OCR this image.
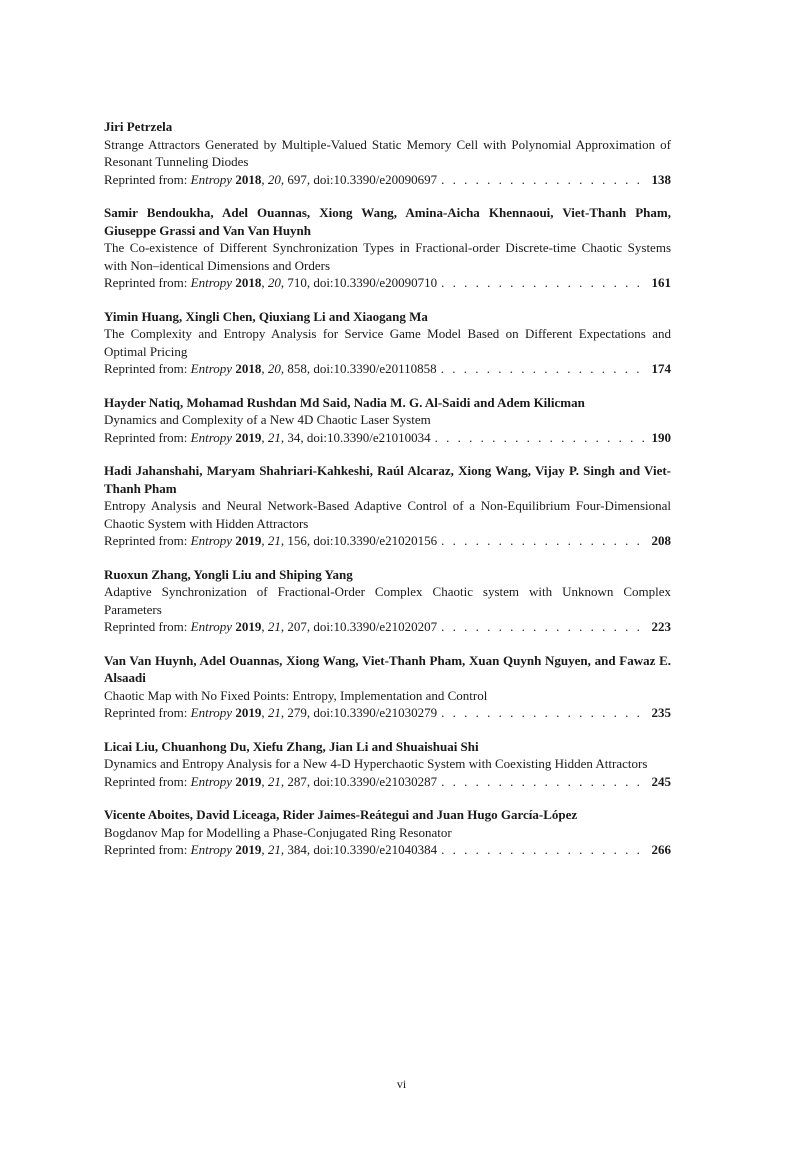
Jiri Petrzela
Strange Attractors Generated by Multiple-Valued Static Memory Cell with Polynomial Approximation of Resonant Tunneling Diodes
Reprinted from: Entropy 2018, 20, 697, doi:10.3390/e20090697 . . .	138
Samir Bendoukha, Adel Ouannas, Xiong Wang, Amina-Aicha Khennaoui, Viet-Thanh Pham, Giuseppe Grassi and Van Van Huynh
The Co-existence of Different Synchronization Types in Fractional-order Discrete-time Chaotic Systems with Non–identical Dimensions and Orders
Reprinted from: Entropy 2018, 20, 710, doi:10.3390/e20090710 . . .	161
Yimin Huang, Xingli Chen, Qiuxiang Li and Xiaogang Ma
The Complexity and Entropy Analysis for Service Game Model Based on Different Expectations and Optimal Pricing
Reprinted from: Entropy 2018, 20, 858, doi:10.3390/e20110858 . . .	174
Hayder Natiq, Mohamad Rushdan Md Said, Nadia M. G. Al-Saidi and Adem Kilicman
Dynamics and Complexity of a New 4D Chaotic Laser System
Reprinted from: Entropy 2019, 21, 34, doi:10.3390/e21010034 . . .	190
Hadi Jahanshahi, Maryam Shahriari-Kahkeshi, Raúl Alcaraz, Xiong Wang, Vijay P. Singh and Viet-Thanh Pham
Entropy Analysis and Neural Network-Based Adaptive Control of a Non-Equilibrium Four-Dimensional Chaotic System with Hidden Attractors
Reprinted from: Entropy 2019, 21, 156, doi:10.3390/e21020156 . . .	208
Ruoxun Zhang, Yongli Liu and Shiping Yang
Adaptive Synchronization of Fractional-Order Complex Chaotic system with Unknown Complex Parameters
Reprinted from: Entropy 2019, 21, 207, doi:10.3390/e21020207 . . .	223
Van Van Huynh, Adel Ouannas, Xiong Wang, Viet-Thanh Pham, Xuan Quynh Nguyen, and Fawaz E. Alsaadi
Chaotic Map with No Fixed Points: Entropy, Implementation and Control
Reprinted from: Entropy 2019, 21, 279, doi:10.3390/e21030279 . . .	235
Licai Liu, Chuanhong Du, Xiefu Zhang, Jian Li and Shuaishuai Shi
Dynamics and Entropy Analysis for a New 4-D Hyperchaotic System with Coexisting Hidden Attractors
Reprinted from: Entropy 2019, 21, 287, doi:10.3390/e21030287 . . .	245
Vicente Aboites, David Liceaga, Rider Jaimes-Reátegui and Juan Hugo García-López
Bogdanov Map for Modelling a Phase-Conjugated Ring Resonator
Reprinted from: Entropy 2019, 21, 384, doi:10.3390/e21040384 . . .	266
vi
